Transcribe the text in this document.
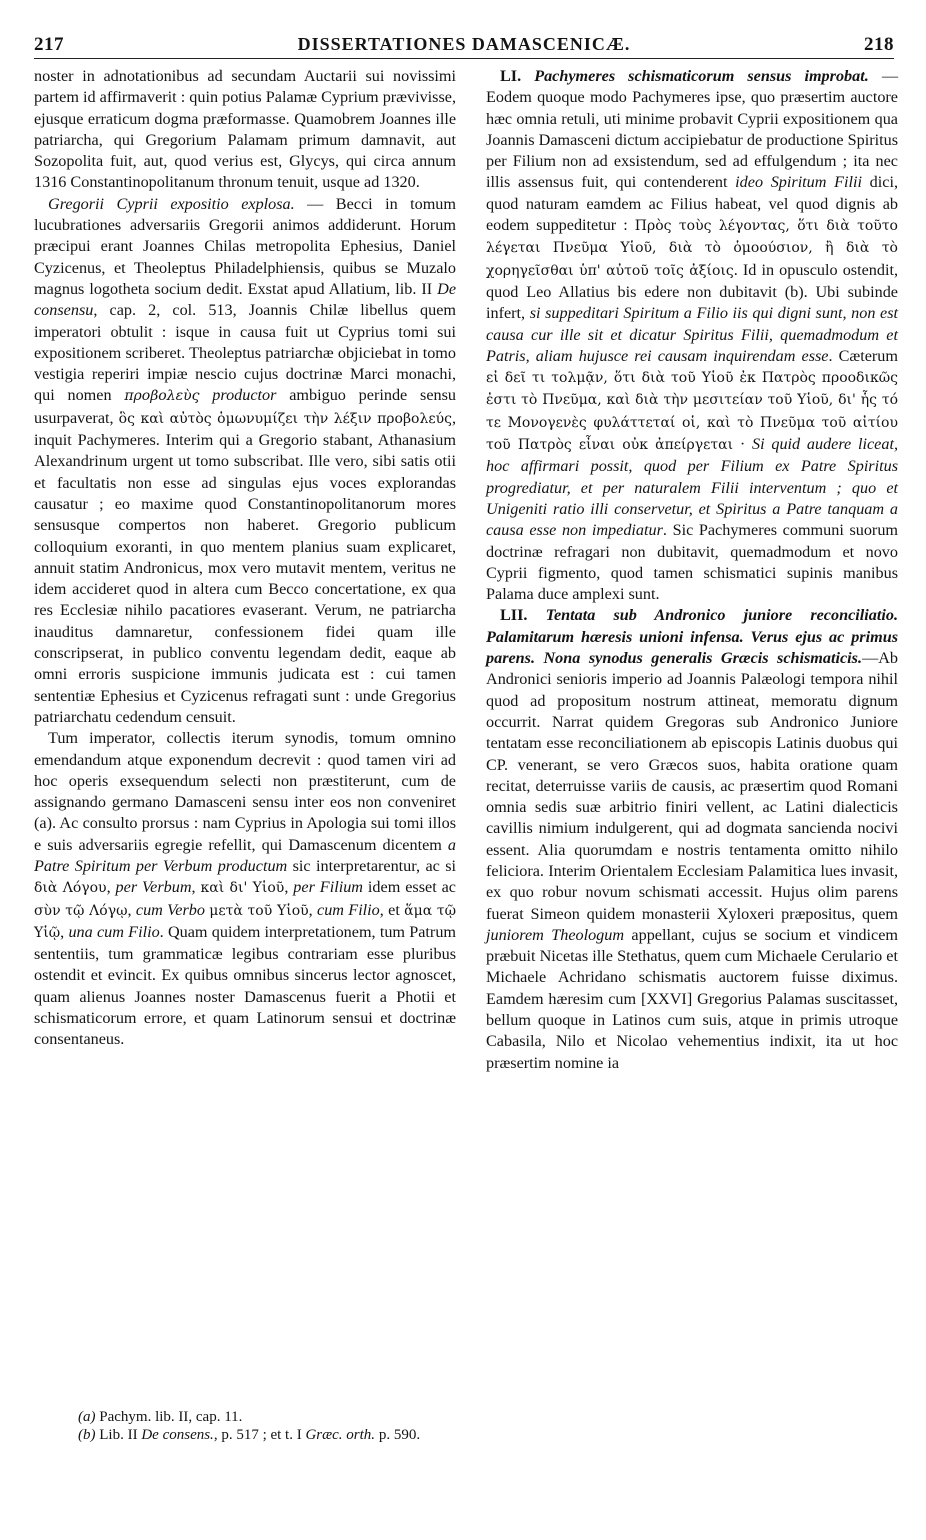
217	DISSERTATIONES DAMASCENICÆ.	218

noster in adnotationibus ad secundam Auctarii sui novissimi partem id affirmaverit : quin potius Palamæ Cyprium prævivisse, ejusque erraticum dogma præformasse. Quamobrem Joannes ille patriarcha, qui Gregorium Palamam primum damnavit, aut Sozopolita fuit, aut, quod verius est, Glycys, qui circa annum 1316 Constantinopolitanum thronum tenuit, usque ad 1320.

Gregorii Cyprii expositio explosa. — Becci in tomum lucubrationes adversariis Gregorii animos addiderunt. Horum præcipui erant Joannes Chilas metropolita Ephesius, Daniel Cyzicenus, et Theoleptus Philadelphiensis, quibus se Muzalo magnus logotheta socium dedit. Exstat apud Allatium, lib. II De consensu, cap. 2, col. 513, Joannis Chilæ libellus quem imperatori obtulit : isque in causa fuit ut Cyprius tomi sui expositionem scriberet. Theoleptus patriarchæ objiciebat in tomo vestigia reperiri impiæ nescio cujus doctrinæ Marci monachi, qui nomen προβολεὺς productor ambiguo perinde sensu usurpaverat, ὃς καὶ αὐτὸς ὁμωνυμίζει τὴν λέξιν προβολεύς, inquit Pachymeres. Interim qui a Gregorio stabant, Athanasium Alexandrinum urgent ut tomo subscribat. Ille vero, sibi satis otii et facultatis non esse ad singulas ejus voces explorandas causatur ; eo maxime quod Constantinopolitanorum mores sensusque compertos non haberet. Gregorio publicum colloquium exoranti, in quo mentem planius suam explicaret, annuit statim Andronicus, mox vero mutavit mentem, veritus ne idem accideret quod in altera cum Becco concertatione, ex qua res Ecclesiæ nihilo pacatiores evaserant. Verum, ne patriarcha inauditus damnaretur, confessionem fidei quam ille conscripserat, in publico conventu legendam dedit, eaque ab omni erroris suspicione immunis judicata est : cui tamen sententiæ Ephesius et Cyzicenus refragati sunt : unde Gregorius patriarchatu cedendum censuit.

Tum imperator, collectis iterum synodis, tomum omnino emendandum atque exponendum decrevit : quod tamen viri ad hoc operis exsequendum selecti non præstiterunt, cum de assignando germano Damasceni sensu inter eos non conveniret (a). Ac consulto prorsus : nam Cyprius in Apologia sui tomi illos e suis adversariis egregie refellit, qui Damascenum dicentem a Patre Spiritum per Verbum productum sic interpretarentur, ac si διὰ Λόγου, per Verbum, καὶ δι' Υἱοῦ, per Filium idem esset ac σὺν τῷ Λόγῳ, cum Verbo μετὰ τοῦ Υἱοῦ, cum Filio, et ἅμα τῷ Υἱῷ, una cum Filio. Quam quidem interpretationem, tum Patrum sententiis, tum grammaticæ legibus contrariam esse pluribus ostendit et evincit. Ex quibus omnibus sincerus lector agnoscet, quam alienus Joannes noster Damascenus fuerit a Photii et schismaticorum errore, et quam Latinorum sensui et doctrinæ consentaneus.

LI. Pachymeres schismaticorum sensus improbat. — Eodem quoque modo Pachymeres ipse, quo præsertim auctore hæc omnia retuli, uti minime probavit Cyprii expositionem qua Joannis Damasceni dictum accipiebatur de productione Spiritus per Filium non ad exsistendum, sed ad effulgendum ; ita nec illis assensus fuit, qui contenderent ideo Spiritum Filii dici, quod naturam eamdem ac Filius habeat, vel quod dignis ab eodem suppeditetur : Πρὸς τοὺς λέγοντας, ὅτι διὰ τοῦτο λέγεται Πνεῦμα Υἱοῦ, διὰ τὸ ὁμοούσιον, ἢ διὰ τὸ χορηγεῖσθαι ὑπ' αὐτοῦ τοῖς ἀξίοις. Id in opusculo ostendit, quod Leo Allatius bis edere non dubitavit (b). Ubi subinde infert, si suppeditari Spiritum a Filio iis qui digni sunt, non est causa cur ille sit et dicatur Spiritus Filii, quemadmodum et Patris, aliam hujusce rei causam inquirendam esse. Cæterum εἰ δεῖ τι τολμᾷν, ὅτι διὰ τοῦ Υἱοῦ ἐκ Πατρὸς προοδικῶς ἐστι τὸ Πνεῦμα, καὶ διὰ τὴν μεσιτείαν τοῦ Υἱοῦ, δι' ἧς τό τε Μονογενὲς φυλάττεταί οἱ, καὶ τὸ Πνεῦμα τοῦ αἰτίου τοῦ Πατρὸς εἶναι οὐκ ἀπείργεται · Si quid audere liceat, hoc affirmari possit, quod per Filium ex Patre Spiritus progrediatur, et per naturalem Filii interventum ; quo et Unigeniti ratio illi conservetur, et Spiritus a Patre tanquam a causa esse non impediatur. Sic Pachymeres communi suorum doctrinæ refragari non dubitavit, quemadmodum et novo Cyprii figmento, quod tamen schismatici supinis manibus Palama duce amplexi sunt.

LII. Tentata sub Andronico juniore reconciliatio. Palamitarum hæresis unioni infensa. Verus ejus ac primus parens. Nona synodus generalis Græcis schismaticis.—Ab Andronici senioris imperio ad Joannis Palæologi tempora nihil quod ad propositum nostrum attineat, memoratu dignum occurrit. Narrat quidem Gregoras sub Andronico Juniore tentatam esse reconciliationem ab episcopis Latinis duobus qui CP. venerant, se vero Græcos suos, habita oratione quam recitat, deterruisse variis de causis, ac præsertim quod Romani omnia sedis suæ arbitrio finiri vellent, ac Latini dialecticis cavillis nimium indulgerent, qui ad dogmata sancienda nocivi essent. Alia quorumdam e nostris tentamenta omitto nihilo feliciora. Interim Orientalem Ecclesiam Palamitica lues invasit, ex quo robur novum schismati accessit. Hujus olim parens fuerat Simeon quidem monasterii Xyloxeri præpositus, quem juniorem Theologum appellant, cujus se socium et vindicem præbuit Nicetas ille Stethatus, quem cum Michaele Cerulario et Michaele Achridano schismatis auctorem fuisse diximus. Eamdem hæresim cum [XXVI] Gregorius Palamas suscitasset, bellum quoque in Latinos cum suis, atque in primis utroque Cabasila, Nilo et Nicolao vehementius indixit, ita ut hoc præsertim nomine ia

(a) Pachym. lib. II, cap. 11.

(b) Lib. II De consens., p. 517 ; et t. I Græc. orth. p. 590.
